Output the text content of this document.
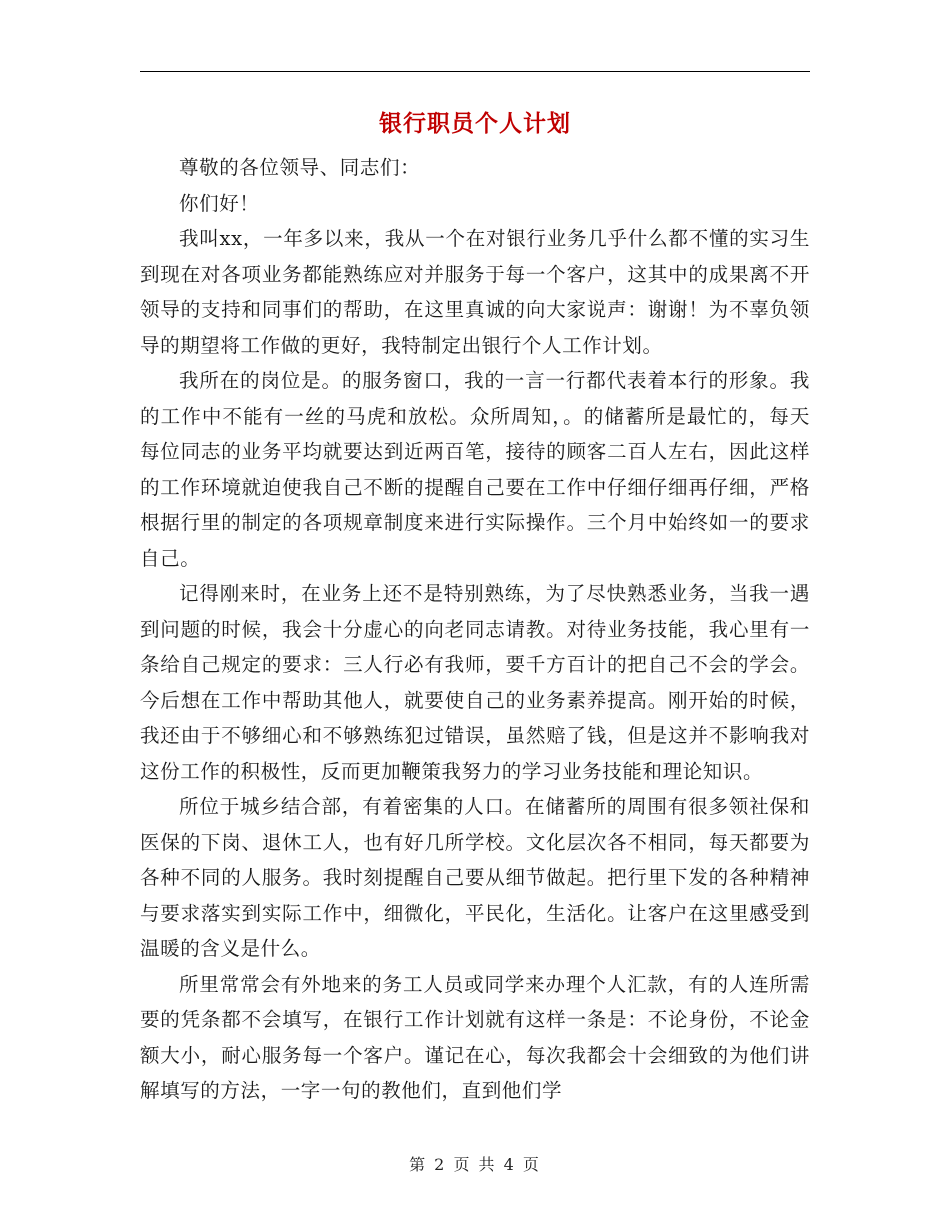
银行职员个人计划

尊敬的各位领导、同志们：

你们好！

我叫xx，一年多以来，我从一个在对银行业务几乎什么都不懂的实习生到现在对各项业务都能熟练应对并服务于每一个客户，这其中的成果离不开领导的支持和同事们的帮助，在这里真诚的向大家说声：谢谢！为不辜负领导的期望将工作做的更好，我特制定出银行个人工作计划。

我所在的岗位是。的服务窗口，我的一言一行都代表着本行的形象。我的工作中不能有一丝的马虎和放松。众所周知，。的储蓄所是最忙的，每天每位同志的业务平均就要达到近两百笔，接待的顾客二百人左右，因此这样的工作环境就迫使我自己不断的提醒自己要在工作中仔细仔细再仔细，严格根据行里的制定的各项规章制度来进行实际操作。三个月中始终如一的要求自己。

记得刚来时，在业务上还不是特别熟练，为了尽快熟悉业务，当我一遇到问题的时候，我会十分虚心的向老同志请教。对待业务技能，我心里有一条给自己规定的要求：三人行必有我师，要千方百计的把自己不会的学会。今后想在工作中帮助其他人，就要使自己的业务素养提高。刚开始的时候，我还由于不够细心和不够熟练犯过错误，虽然赔了钱，但是这并不影响我对这份工作的积极性，反而更加鞭策我努力的学习业务技能和理论知识。

所位于城乡结合部，有着密集的人口。在储蓄所的周围有很多领社保和医保的下岗、退休工人，也有好几所学校。文化层次各不相同，每天都要为各种不同的人服务。我时刻提醒自己要从细节做起。把行里下发的各种精神与要求落实到实际工作中，细微化，平民化，生活化。让客户在这里感受到温暖的含义是什么。

所里常常会有外地来的务工人员或同学来办理个人汇款，有的人连所需要的凭条都不会填写，在银行工作计划就有这样一条是：不论身份，不论金额大小，耐心服务每一个客户。谨记在心，每次我都会十会细致的为他们讲解填写的方法，一字一句的教他们，直到他们学

第 2 页 共 4 页
